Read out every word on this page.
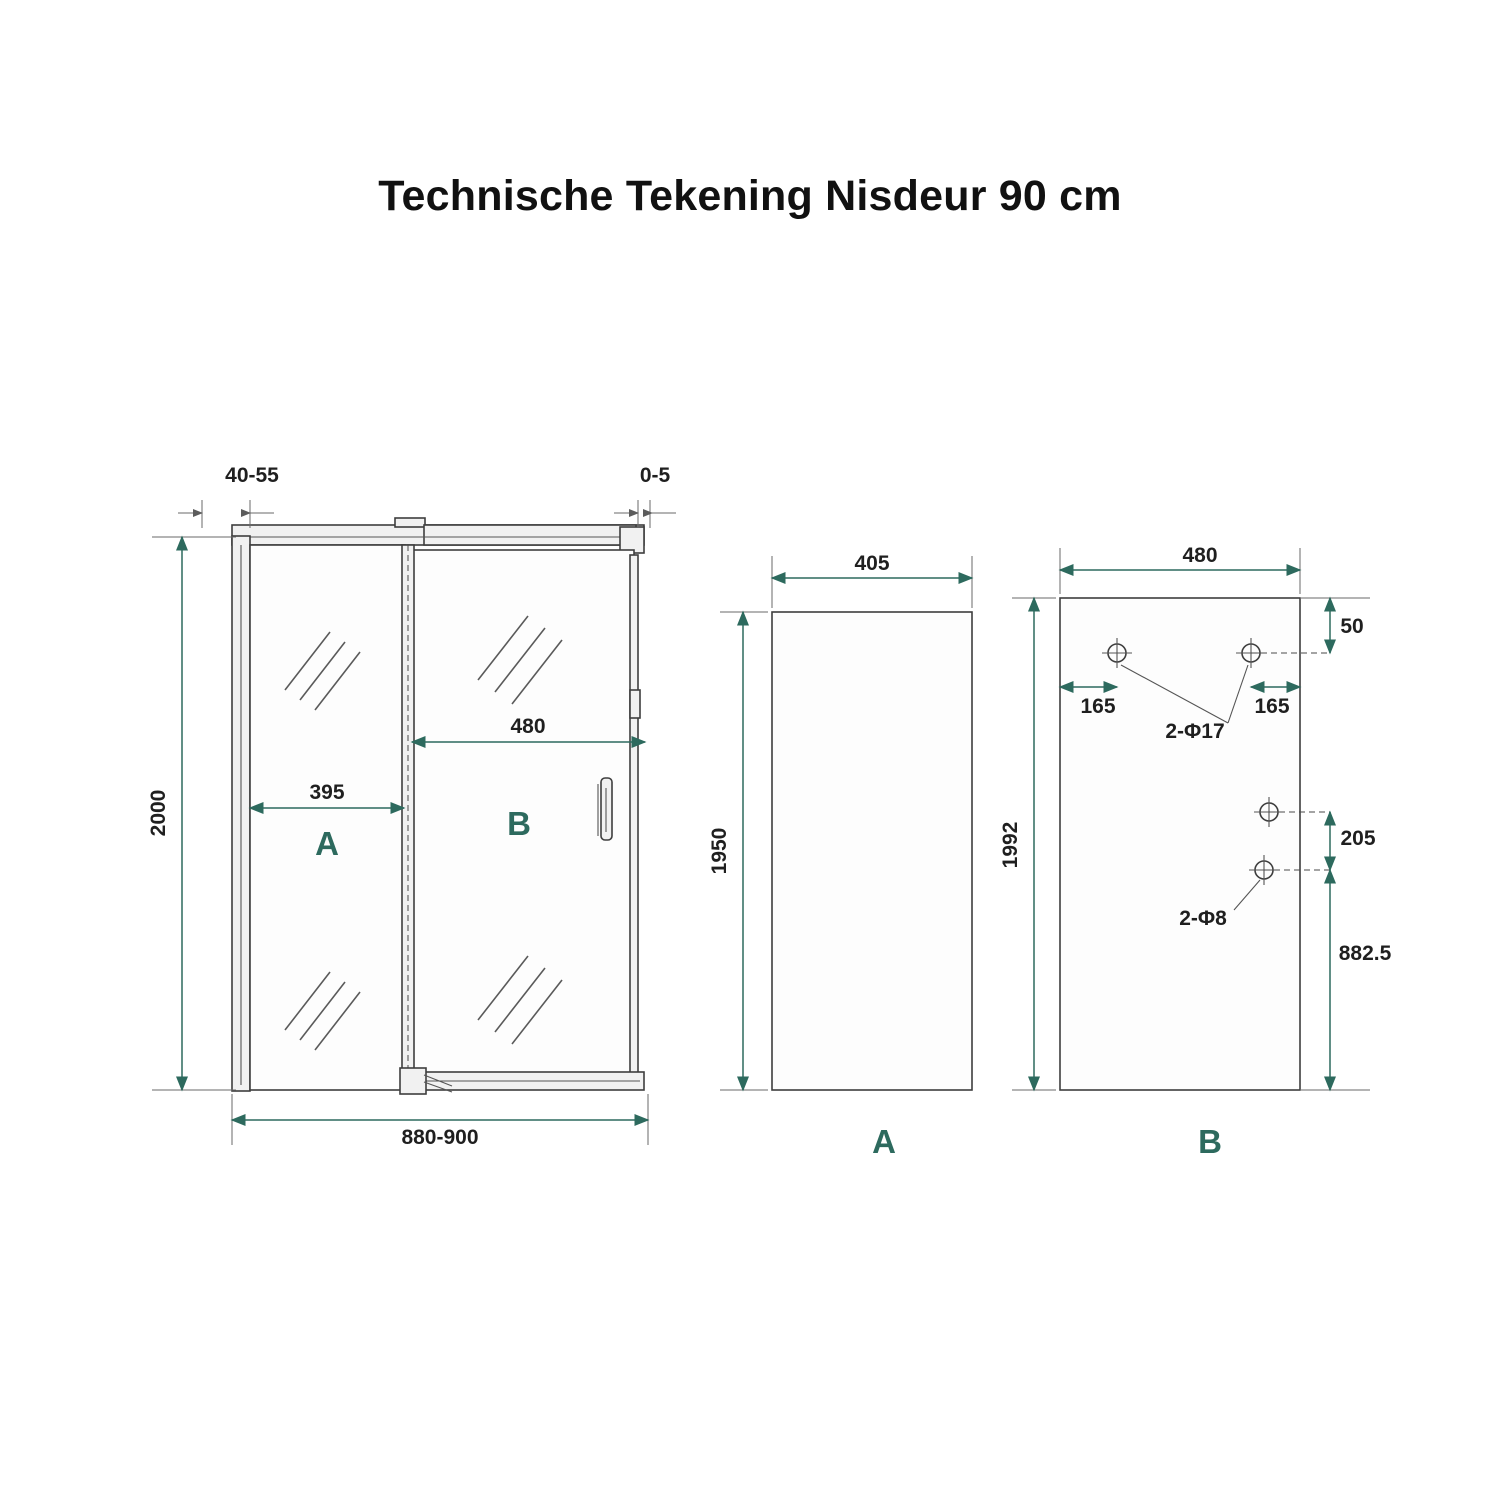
Technische Tekening Nisdeur 90 cm
A
B
40-55	0-5
2000
880-900
395
480
405
1950
A
480
1992
50
165	165
2-Φ17
205
882.5
2-Φ8
B
